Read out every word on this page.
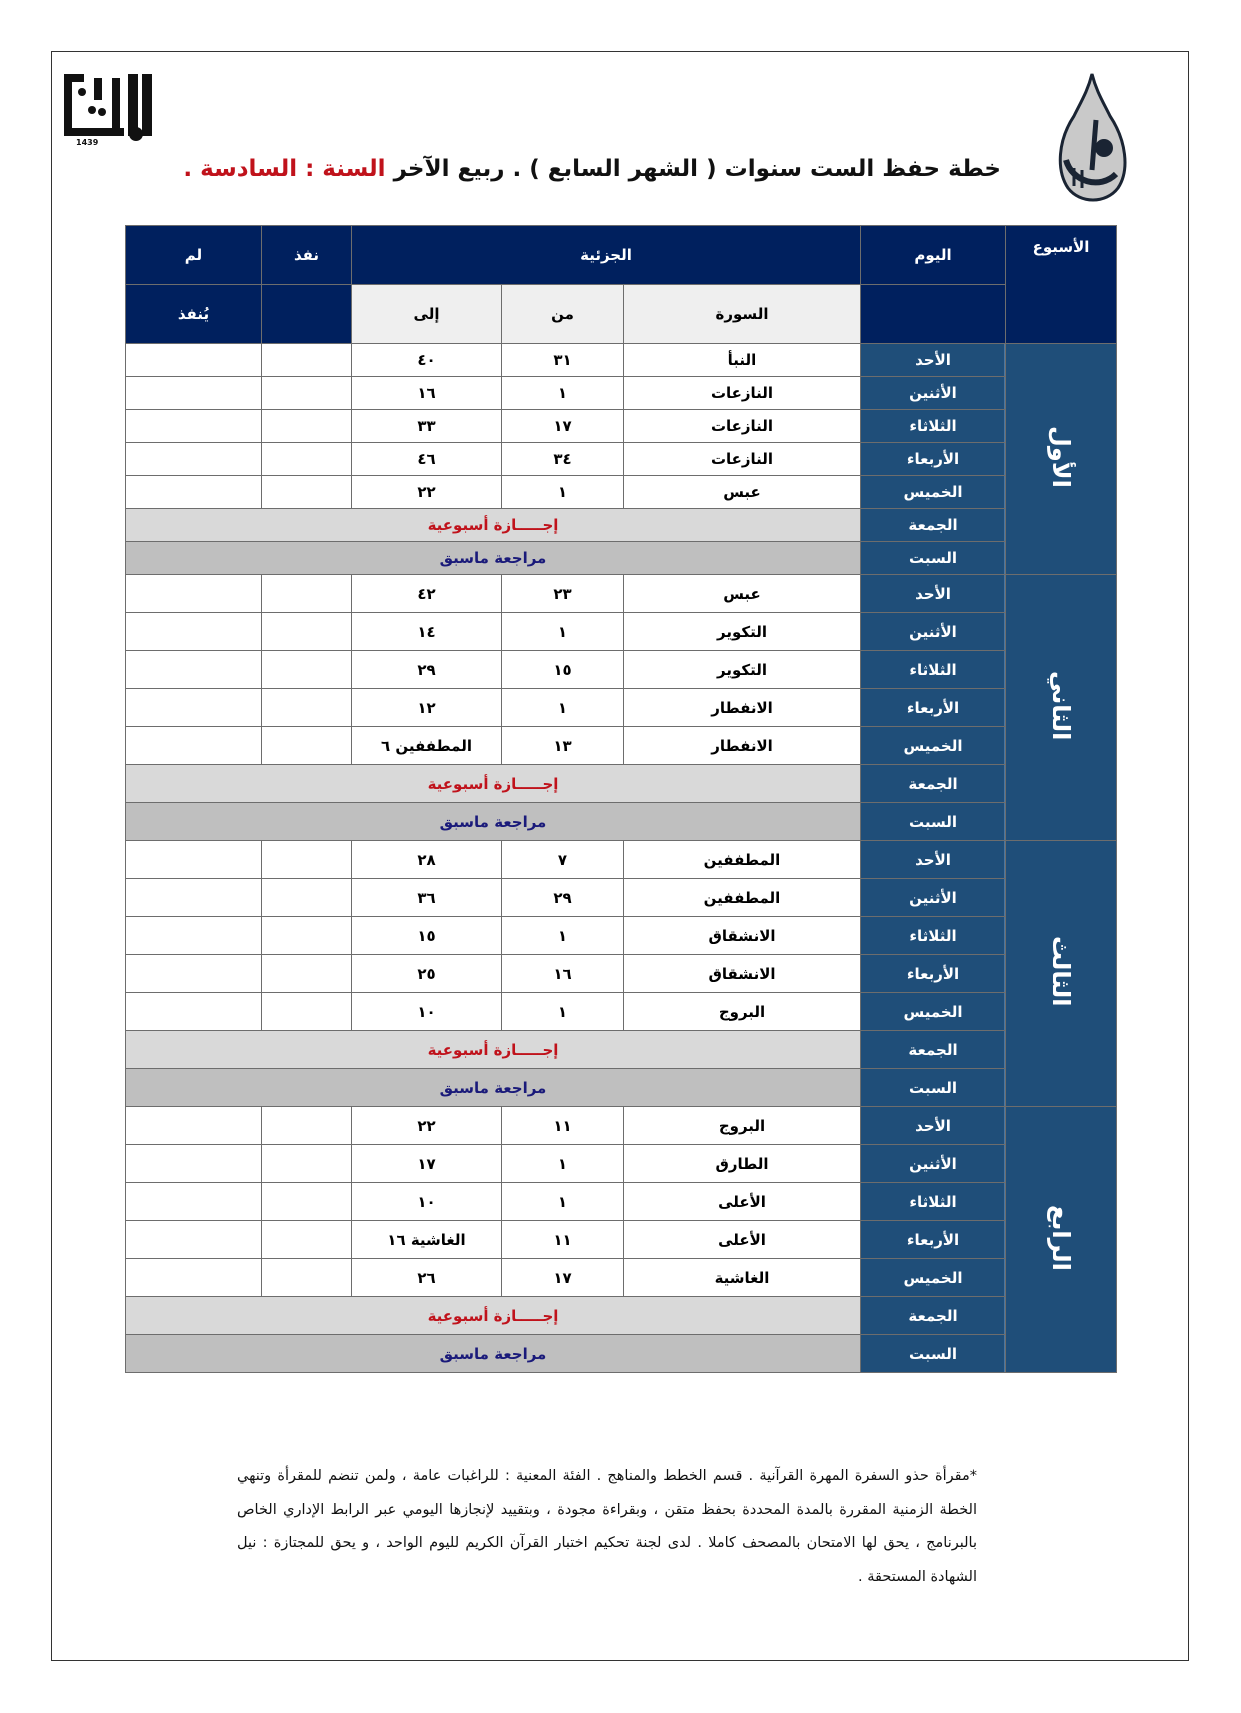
1439
خطة حفظ الست سنوات ( الشهر السابع ) . ربيع الآخر السنة : السادسة .
الأسبوع	اليوم	الجزئية			نفذ	لم
		السورة	من	إلى		يُنفذ
الأول	الأحد	النبأ	٣١	٤٠		
	الأثنين	النازعات	١	١٦		
	الثلاثاء	النازعات	١٧	٣٣		
	الأربعاء	النازعات	٣٤	٤٦		
	الخميس	عبس	١	٢٢		
	الجمعة	إجـــــازة أسبوعية				
	السبت	مراجعة ماسبق				
الثاني	الأحد	عبس	٢٣	٤٢		
	الأثنين	التكوير	١	١٤		
	الثلاثاء	التكوير	١٥	٢٩		
	الأربعاء	الانفطار	١	١٢		
	الخميس	الانفطار	١٣	المطففين ٦		
	الجمعة	إجـــــازة أسبوعية				
	السبت	مراجعة ماسبق				
الثالث	الأحد	المطففين	٧	٢٨		
	الأثنين	المطففين	٢٩	٣٦		
	الثلاثاء	الانشقاق	١	١٥		
	الأربعاء	الانشقاق	١٦	٢٥		
	الخميس	البروج	١	١٠		
	الجمعة	إجـــــازة أسبوعية				
	السبت	مراجعة ماسبق				
الرابع	الأحد	البروج	١١	٢٢		
	الأثنين	الطارق	١	١٧		
	الثلاثاء	الأعلى	١	١٠		
	الأربعاء	الأعلى	١١	الغاشية ١٦		
	الخميس	الغاشية	١٧	٢٦		
	الجمعة	إجـــــازة أسبوعية				
	السبت	مراجعة ماسبق				
*مقرأة حذو السفرة المهرة القرآنية . قسم الخطط والمناهج . الفئة المعنية : للراغبات عامة ، ولمن تنضم للمقرأة وتنهي الخطة الزمنية المقررة بالمدة المحددة بحفظ متقن ، وبقراءة مجودة ، وبتقييد لإنجازها اليومي عبر الرابط الإداري الخاص بالبرنامج ، يحق لها الامتحان بالمصحف كاملا . لدى لجنة تحكيم اختبار القرآن الكريم لليوم الواحد ، و يحق للمجتازة : نيل الشهادة المستحقة .
